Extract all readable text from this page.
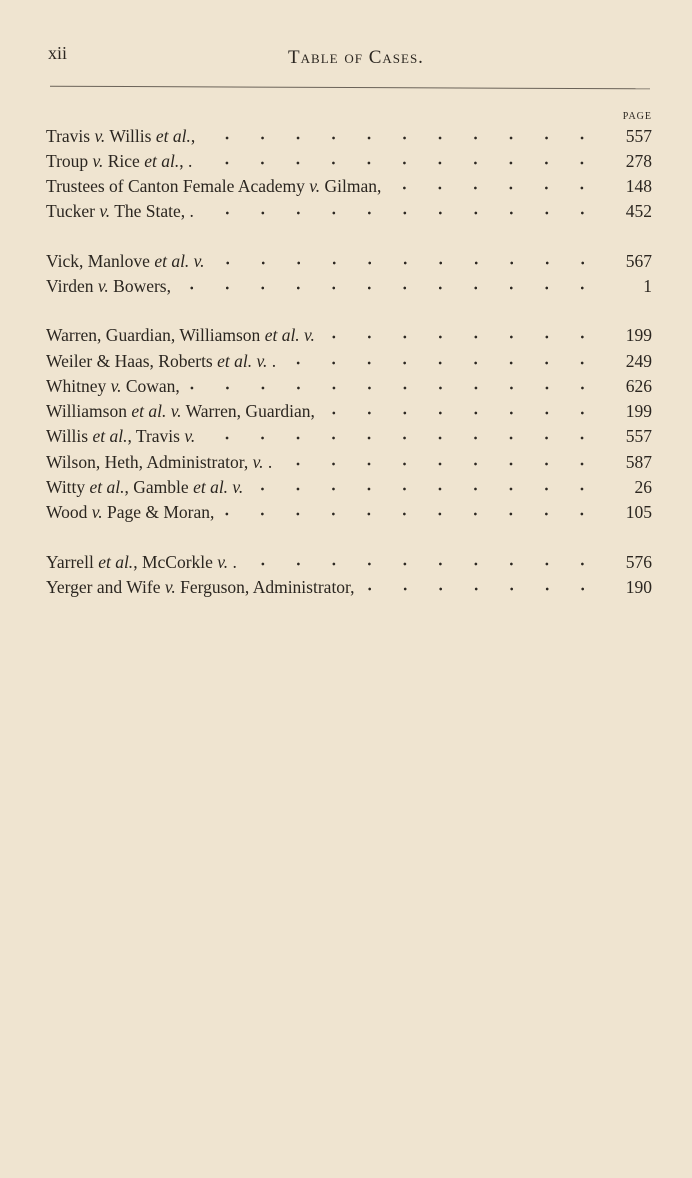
xii	Table of Cases.
PAGE
Travis v. Willis et al.,	557
Troup v. Rice et al., .	278
Trustees of Canton Female Academy v. Gilman,	148
Tucker v. The State, .	452
Vick, Manlove et al. v.	567
Virden v. Bowers,	1
Warren, Guardian, Williamson et al. v.	199
Weiler & Haas, Roberts et al. v. .	249
Whitney v. Cowan,	626
Williamson et al. v. Warren, Guardian,	199
Willis et al., Travis v.	557
Wilson, Heth, Administrator, v. .	587
Witty et al., Gamble et al. v.	26
Wood v. Page & Moran,	105
Yarrell et al., McCorkle v. .	576
Yerger and Wife v. Ferguson, Administrator,	190
